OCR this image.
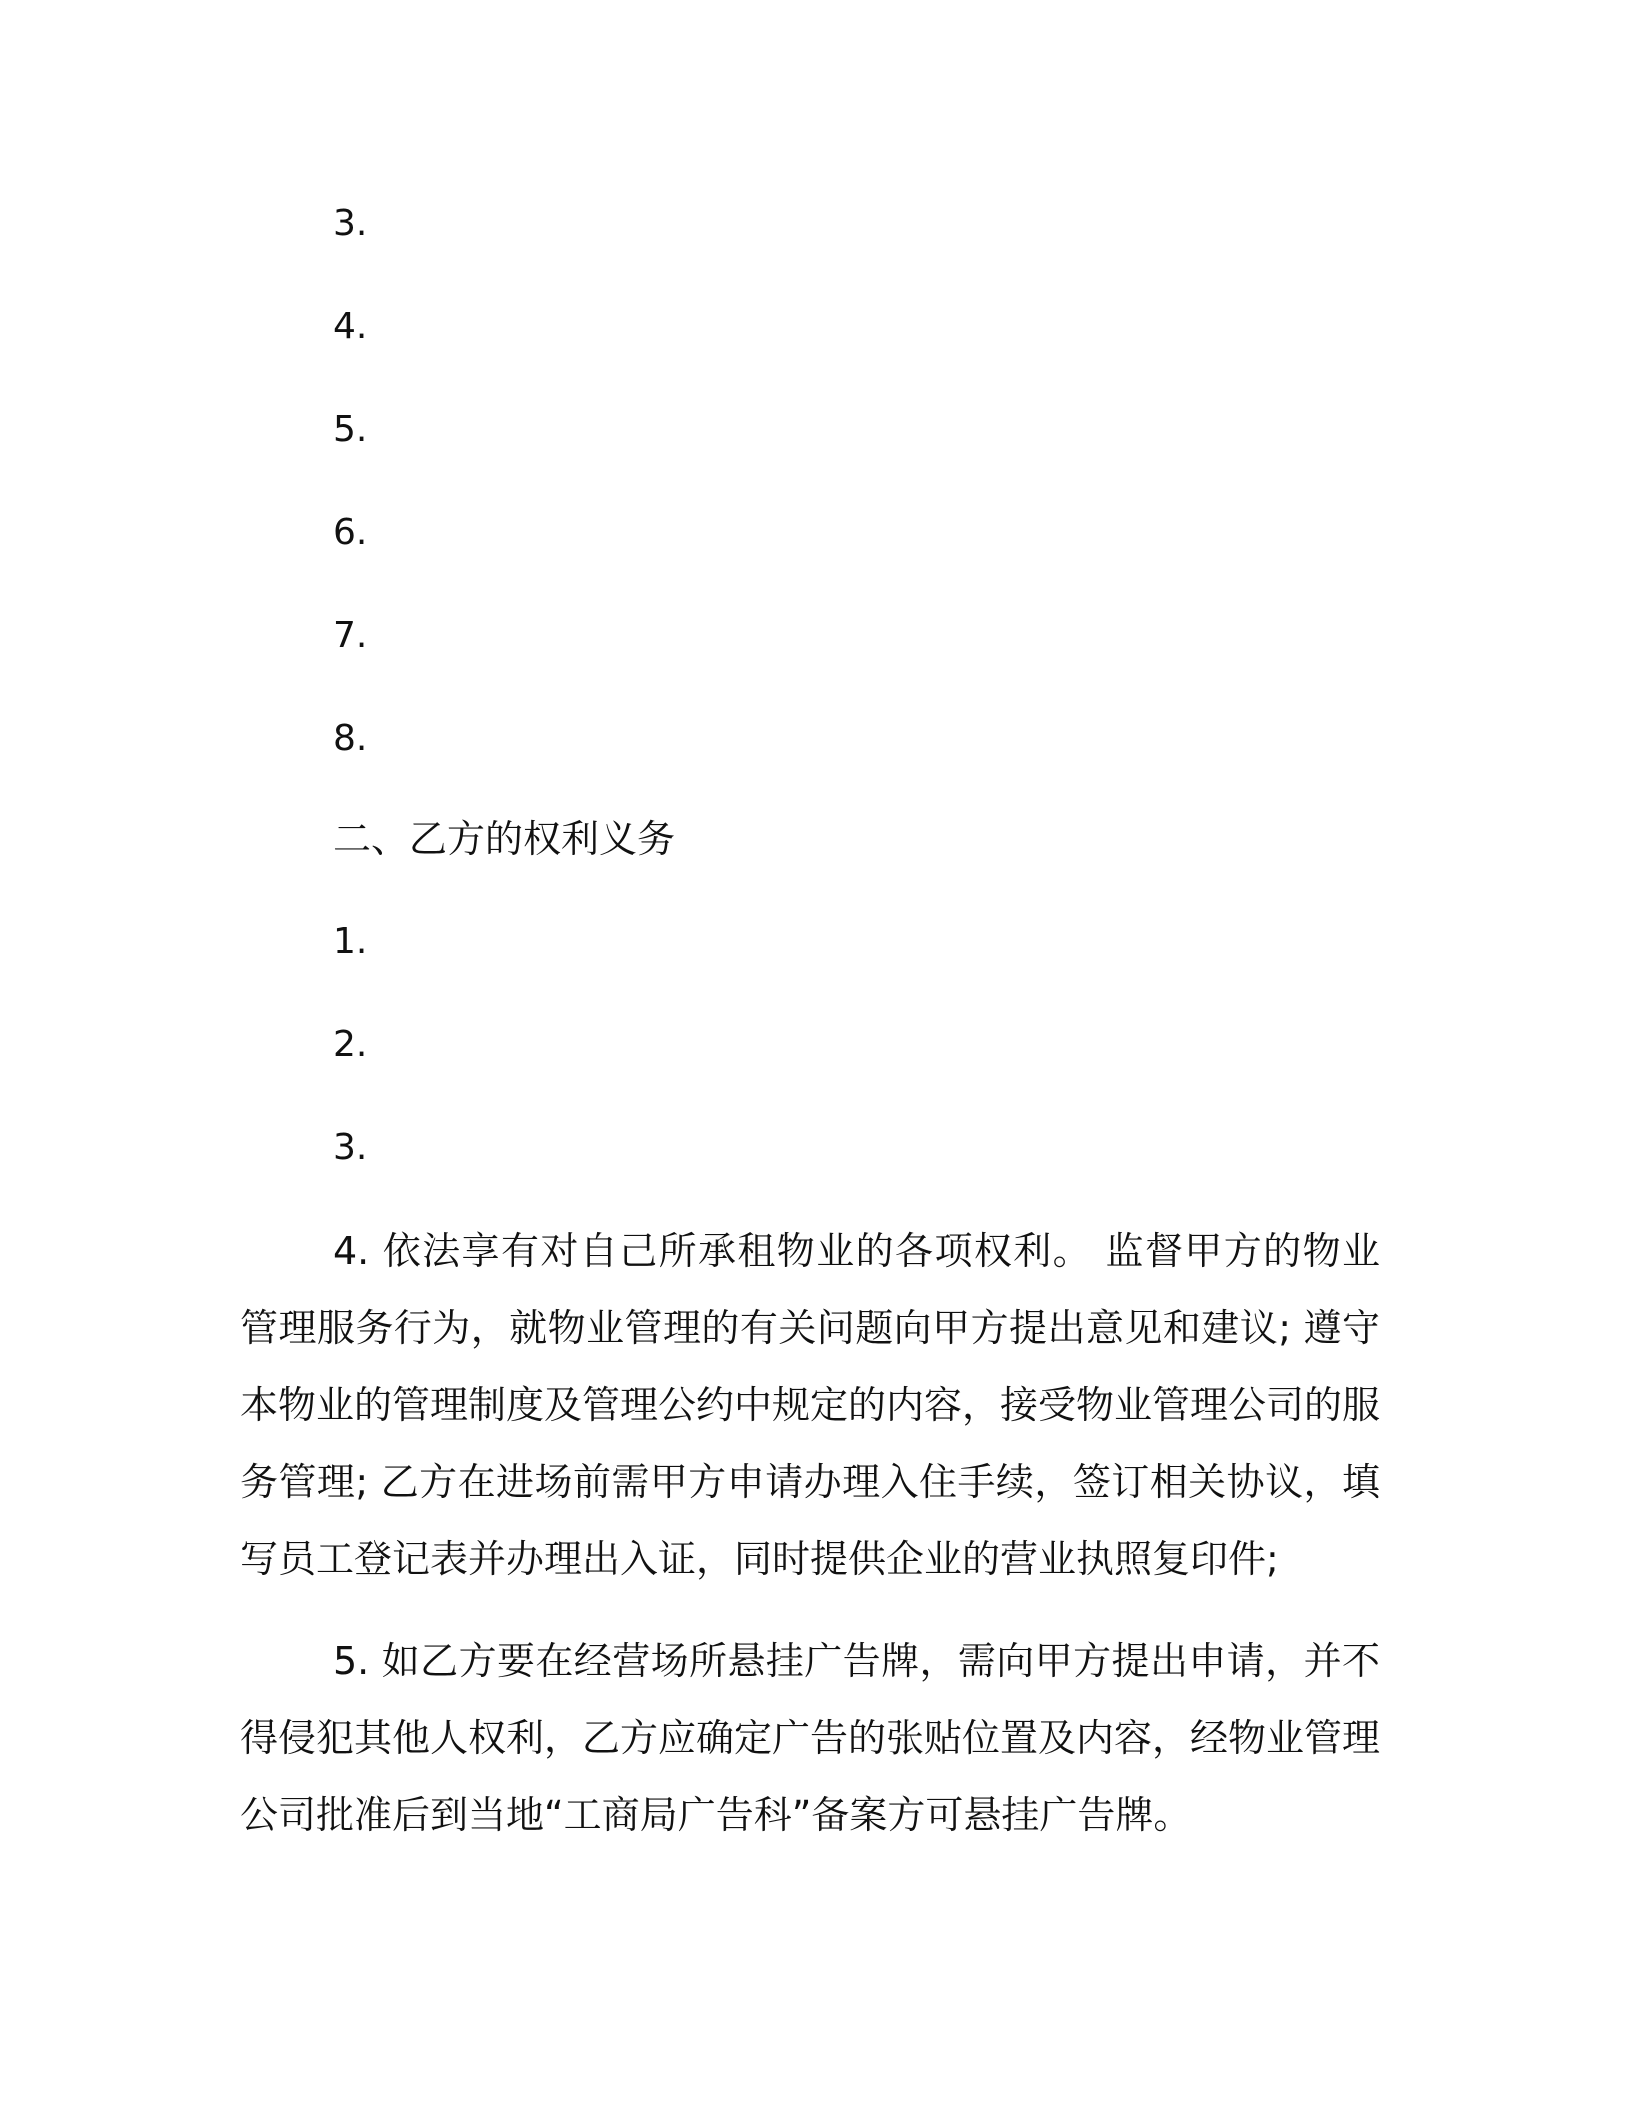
3.

4.

5.

6.

7.

8.

二、乙方的权利义务

1.

2.

3.

4. 依法享有对自己所承租物业的各项权利。 监督甲方的物业管理服务行为，就物业管理的有关问题向甲方提出意见和建议; 遵守本物业的管理制度及管理公约中规定的内容，接受物业管理公司的服务管理; 乙方在进场前需甲方申请办理入住手续，签订相关协议，填写员工登记表并办理出入证，同时提供企业的营业执照复印件;

5. 如乙方要在经营场所悬挂广告牌，需向甲方提出申请，并不得侵犯其他人权利，乙方应确定广告的张贴位置及内容，经物业管理公司批准后到当地“工商局广告科”备案方可悬挂广告牌。
